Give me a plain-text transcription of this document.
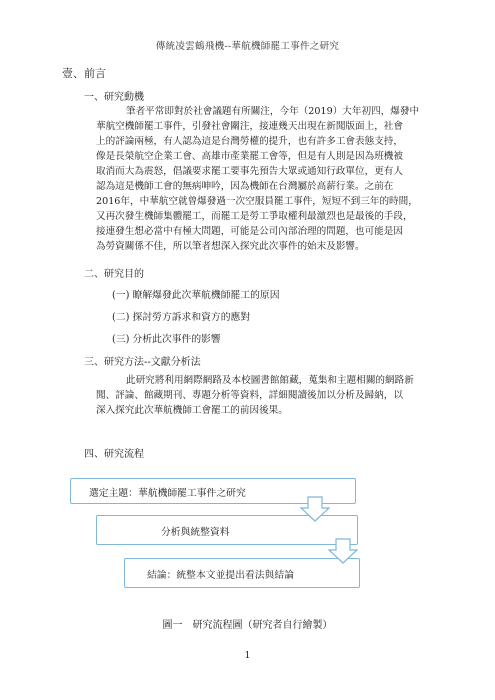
傳統凌雲鶴飛機--華航機師罷工事件之研究
壹、前言
一、研究動機
筆者平常即對於社會議題有所關注，今年（2019）大年初四，爆發中
華航空機師罷工事件，引發社會關注，接連幾天出現在新聞版面上，社會
上的評論兩極，有人認為這是台灣勞權的提升，也有許多工會表態支持，
像是長榮航空企業工會、高雄市產業罷工會等，但是有人則是因為班機被
取消而大為震怒，倡議要求罷工要事先預告大眾或通知行政單位，更有人
認為這是機師工會的無病呻吟，因為機師在台灣屬於高薪行業。之前在
2016年，中華航空就曾爆發過一次空服員罷工事件，短短不到三年的時間，
又再次發生機師集體罷工，而罷工是勞工爭取權利最激烈也是最後的手段，
接連發生想必當中有極大問題，可能是公司內部治理的問題，也可能是因
為勞資關係不佳，所以筆者想深入探究此次事件的始末及影響。
二、研究目的
(一) 瞭解爆發此次華航機師罷工的原因
(二) 探討勞方訴求和資方的應對
(三) 分析此次事件的影響
三、研究方法--文獻分析法
此研究將利用網際網路及本校圖書館館藏，蒐集和主題相關的網路新
聞、評論、館藏期刊、專題分析等資料，詳細閱讀後加以分析及歸納，以
深入探究此次華航機師工會罷工的前因後果。
四、研究流程
選定主題：華航機師罷工事件之研究
分析與統整資料
結論：統整本文並提出看法與結論
圖一　研究流程圖（研究者自行繪製）
1
